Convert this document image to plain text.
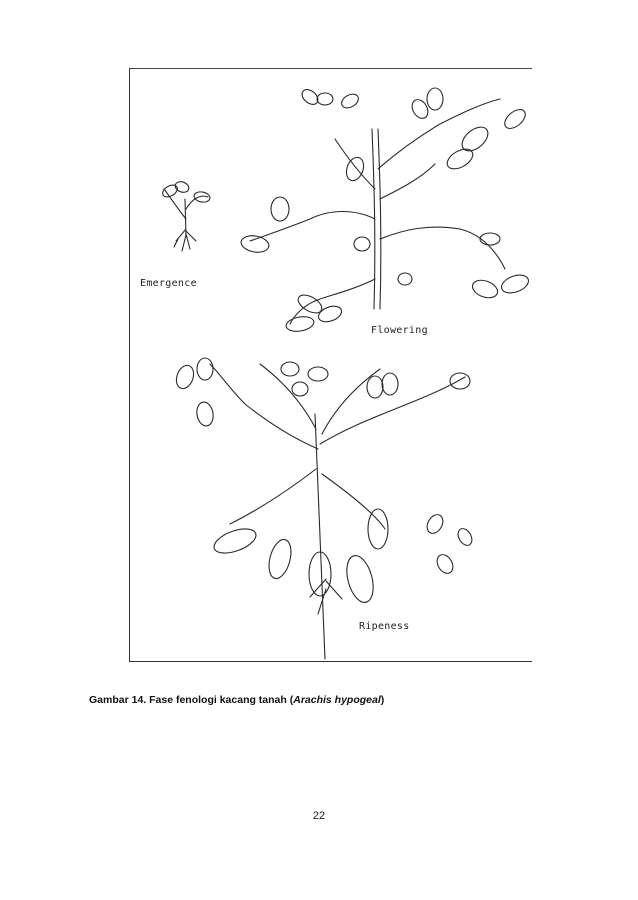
Emergence
Flowering
Ripeness
Gambar 14. Fase fenologi kacang tanah (Arachis hypogeal)
22
